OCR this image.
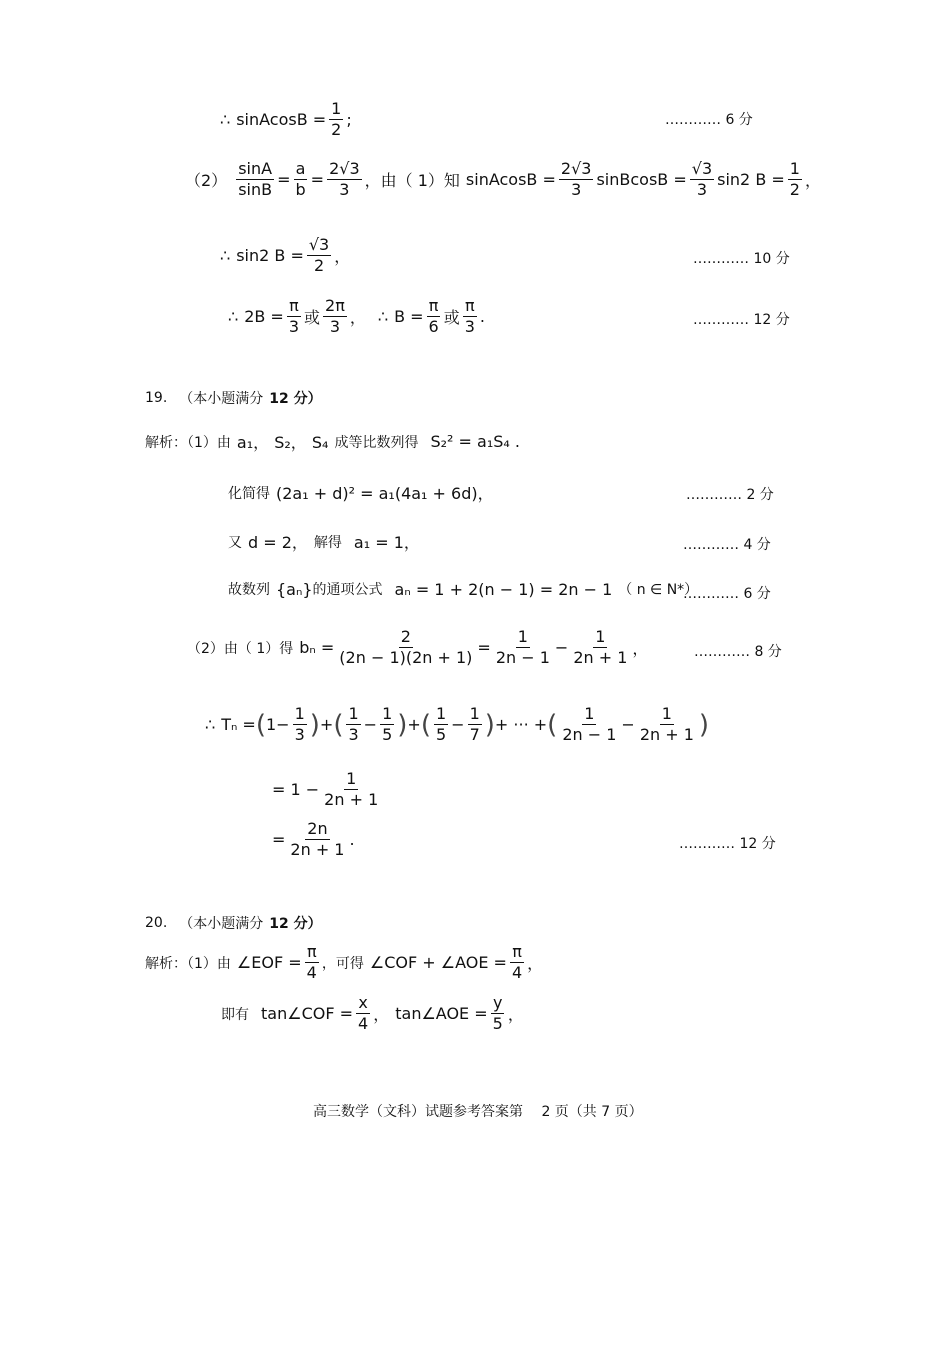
∴ sinAcosB = $\frac{1}{2}$ ;	………… 6 分
$(2) \frac{\sin A}{\sin B} = \frac{a}{b} = \frac{2√3}{3}$ ，由（ 1）知 sinAcosB = $\frac{2√3}{3}$ sinBcosB = $\frac{√3}{3} \sin 2$ $B = \frac{1}{2}$ ，
∴ sin2 $B = \frac{√3}{2}$ ，	………… 10 分
∴ $2B = \frac{\pi}{3}$ 或 $\frac{2\pi}{3}$ ， ∴ $B = \frac{\pi}{6}$ 或 $\frac{\pi}{3}$ .	………… 12 分
19. （本小题满分 12 分）
解析：（1）由 a₁， S₂， S₄ 成等比数列得 S₂² = a₁S₄ .
化简得 (2a₁ + d)² = a₁(4a₁ + 6d)，	………… 2 分
又 d = 2， 解得 a₁ = 1，	………… 4 分
故数列 {aₙ} 的通项公式 aₙ = 1 + 2(n − 1) = 2n − 1 （ n ∈ N*）
………… 6 分
（2）由（ 1）得 $b_n = \frac{2}{(2n - 1)(2n + 1)} = \frac{1}{2n - 1} - \frac{1}{2n + 1}$ ，	………… 8 分
∴ Tₙ = ( $1 - \frac{1}{3}$ ) + ( $\frac{1}{3} - \frac{1}{5}$ ) + ( $\frac{1}{5} - \frac{1}{7}$ ) + ··· + ( $\frac{1}{2n - 1} - \frac{1}{2n + 1}$ )
= $1 - \frac{1}{2n + 1}$
= $\frac{2n}{2n + 1}$ .	………… 12 分
20. （本小题满分 12 分）
解析：（1）由 ∠EOF = $\frac{\pi}{4}$ ，可得 ∠COF + ∠AOE = $\frac{\pi}{4}$ ，
即有 tan∠COF = $\frac{x}{4}$ ， tan∠AOE = $\frac{y}{5}$ ，
高三数学（文科）试题参考答案第　 2 页（共 7 页）
